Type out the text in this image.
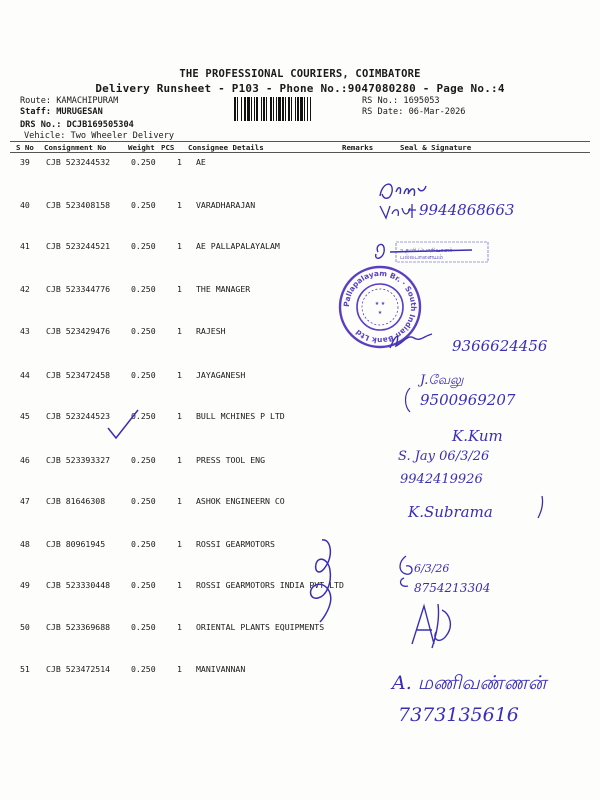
THE PROFESSIONAL COURIERS, COIMBATORE
Delivery Runsheet - P103 - Phone No.:9047080280 - Page No.:4
Route: KAMACHIPURAM
Staff: MURUGESAN
DRS No.: DCJB169505304
Vehicle: Two Wheeler Delivery
RS No.: 1695053
RS Date: 06-Mar-2026
S No Consignment No	Weight PCS Consignee Details	Remarks	Seal & Signature
39 CJB 523244532	0.250	1 AE
40 CJB 523408158	0.250	1 VARADHARAJAN
41 CJB 523244521	0.250	1 AE PALLAPALAYALAM
42 CJB 523344776	0.250	1 THE MANAGER
43 CJB 523429476	0.250	1 RAJESH
44 CJB 523472458	0.250	1 JAYAGANESH
45 CJB 523244523	0.250	1 BULL MCHINES P LTD
46 CJB 523393327	0.250	1 PRESS TOOL ENG
47 CJB 81646308	0.250	1 ASHOK ENGINEERN CO
48 CJB 80961945	0.250	1 ROSSI GEARMOTORS
49 CJB 523330448	0.250	1 ROSSI GEARMOTORS INDIA PVT LTD
50 CJB 523369688	0.250	1 ORIENTAL PLANTS EQUIPMENTS
51 CJB 523472514	0.250	1 MANIVANNAN
Pallapalayam Br. · South Indian Bank Ltd
★ ★
★
9944868663
உதவி பொறியாளர்
பல்லபாளையம்
9366624456
J.வேலு
9500969207
K.Kum
S. Jay 06/3/26
9942419926
K.Subrama
6/3/26
8754213304
A. மணிவண்ணன்
7373135616
